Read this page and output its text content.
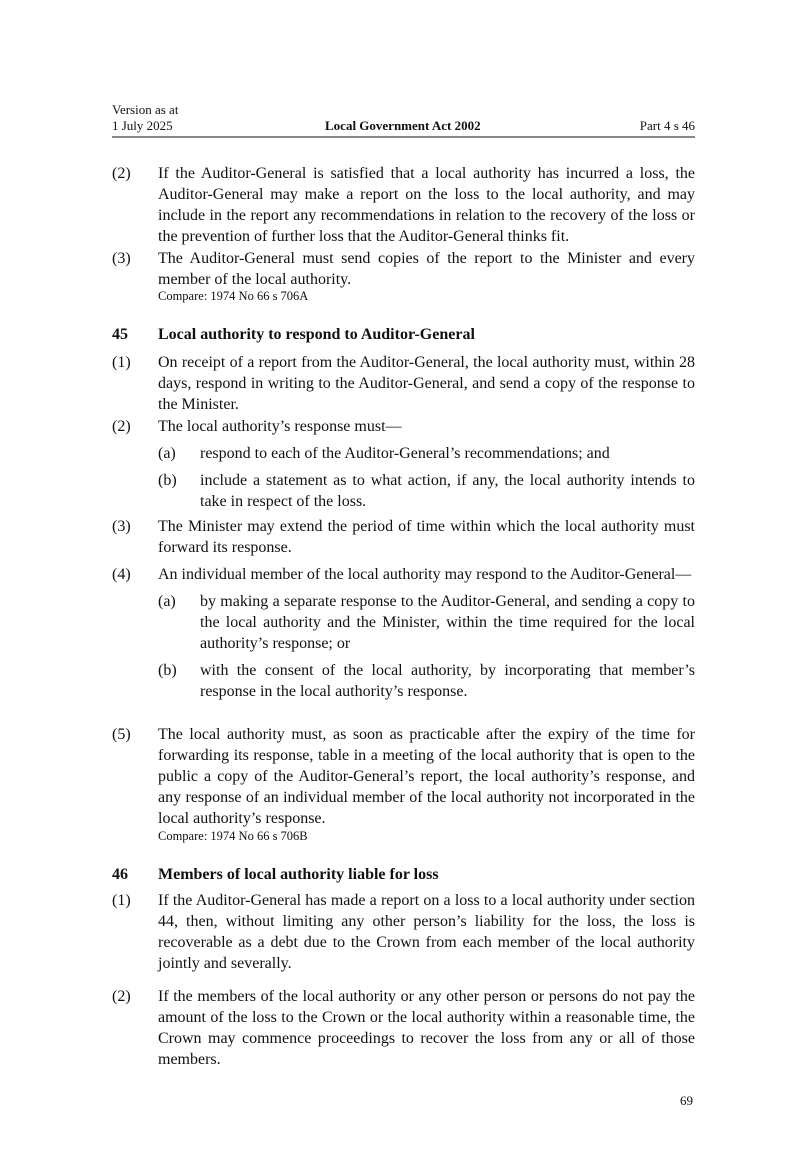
Version as at
1 July 2025	Local Government Act 2002	Part 4 s 46
(2) If the Auditor-General is satisfied that a local authority has incurred a loss, the Auditor-General may make a report on the loss to the local authority, and may include in the report any recommendations in relation to the recovery of the loss or the prevention of further loss that the Auditor-General thinks fit.
(3) The Auditor-General must send copies of the report to the Minister and every member of the local authority.
Compare: 1974 No 66 s 706A
45 Local authority to respond to Auditor-General
(1) On receipt of a report from the Auditor-General, the local authority must, within 28 days, respond in writing to the Auditor-General, and send a copy of the response to the Minister.
(2) The local authority’s response must—
(a) respond to each of the Auditor-General’s recommendations; and
(b) include a statement as to what action, if any, the local authority intends to take in respect of the loss.
(3) The Minister may extend the period of time within which the local authority must forward its response.
(4) An individual member of the local authority may respond to the Auditor-General—
(a) by making a separate response to the Auditor-General, and sending a copy to the local authority and the Minister, within the time required for the local authority’s response; or
(b) with the consent of the local authority, by incorporating that member’s response in the local authority’s response.
(5) The local authority must, as soon as practicable after the expiry of the time for forwarding its response, table in a meeting of the local authority that is open to the public a copy of the Auditor-General’s report, the local authority’s response, and any response of an individual member of the local authority not incorporated in the local authority’s response.
Compare: 1974 No 66 s 706B
46 Members of local authority liable for loss
(1) If the Auditor-General has made a report on a loss to a local authority under section 44, then, without limiting any other person’s liability for the loss, the loss is recoverable as a debt due to the Crown from each member of the local authority jointly and severally.
(2) If the members of the local authority or any other person or persons do not pay the amount of the loss to the Crown or the local authority within a reasonable time, the Crown may commence proceedings to recover the loss from any or all of those members.
69
